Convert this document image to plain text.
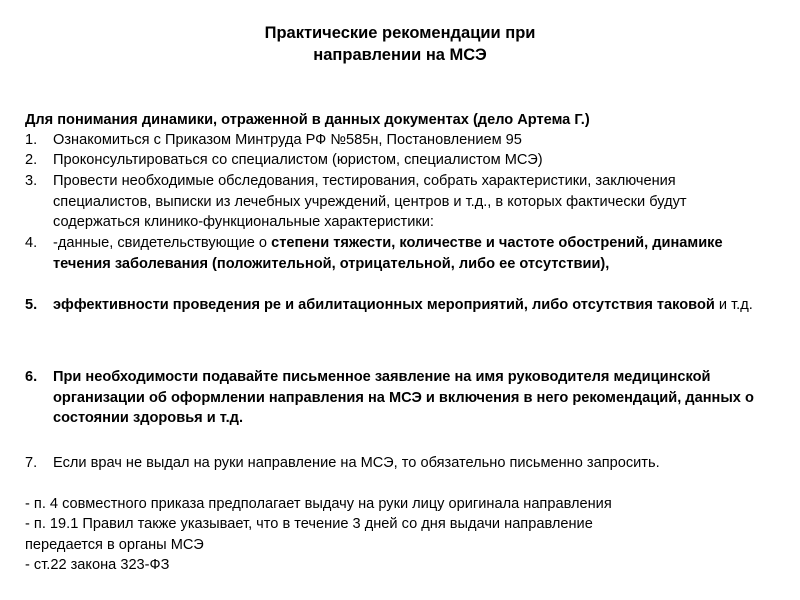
Практические рекомендации при
направлении на МСЭ
Для понимания динамики, отраженной в данных документах (дело Артема Г.)
1.	Ознакомиться с Приказом Минтруда РФ №585н, Постановлением 95
2.	Проконсультироваться со специалистом (юристом, специалистом МСЭ)
3.	Провести необходимые обследования, тестирования, собрать характеристики, заключения специалистов, выписки из лечебных учреждений, центров и т.д., в которых фактически будут содержаться клинико-функциональные характеристики:
4.	-данные, свидетельствующие о степени тяжести, количестве и частоте обострений, динамике течения заболевания (положительной, отрицательной, либо ее отсутствии),
5.	эффективности проведения ре и абилитационных мероприятий, либо отсутствия таковой и т.д.
6.	При необходимости подавайте письменное заявление на имя руководителя медицинской организации об оформлении направления на МСЭ и включения в него рекомендаций, данных о состоянии здоровья и т.д.
7.	Если врач не выдал на руки направление на МСЭ, то обязательно письменно запросить.
- п. 4 совместного приказа предполагает выдачу на руки лицу оригинала направления
- п. 19.1 Правил также указывает, что в течение 3 дней со дня выдачи направление
передается в органы МСЭ
- ст.22 закона 323-ФЗ
